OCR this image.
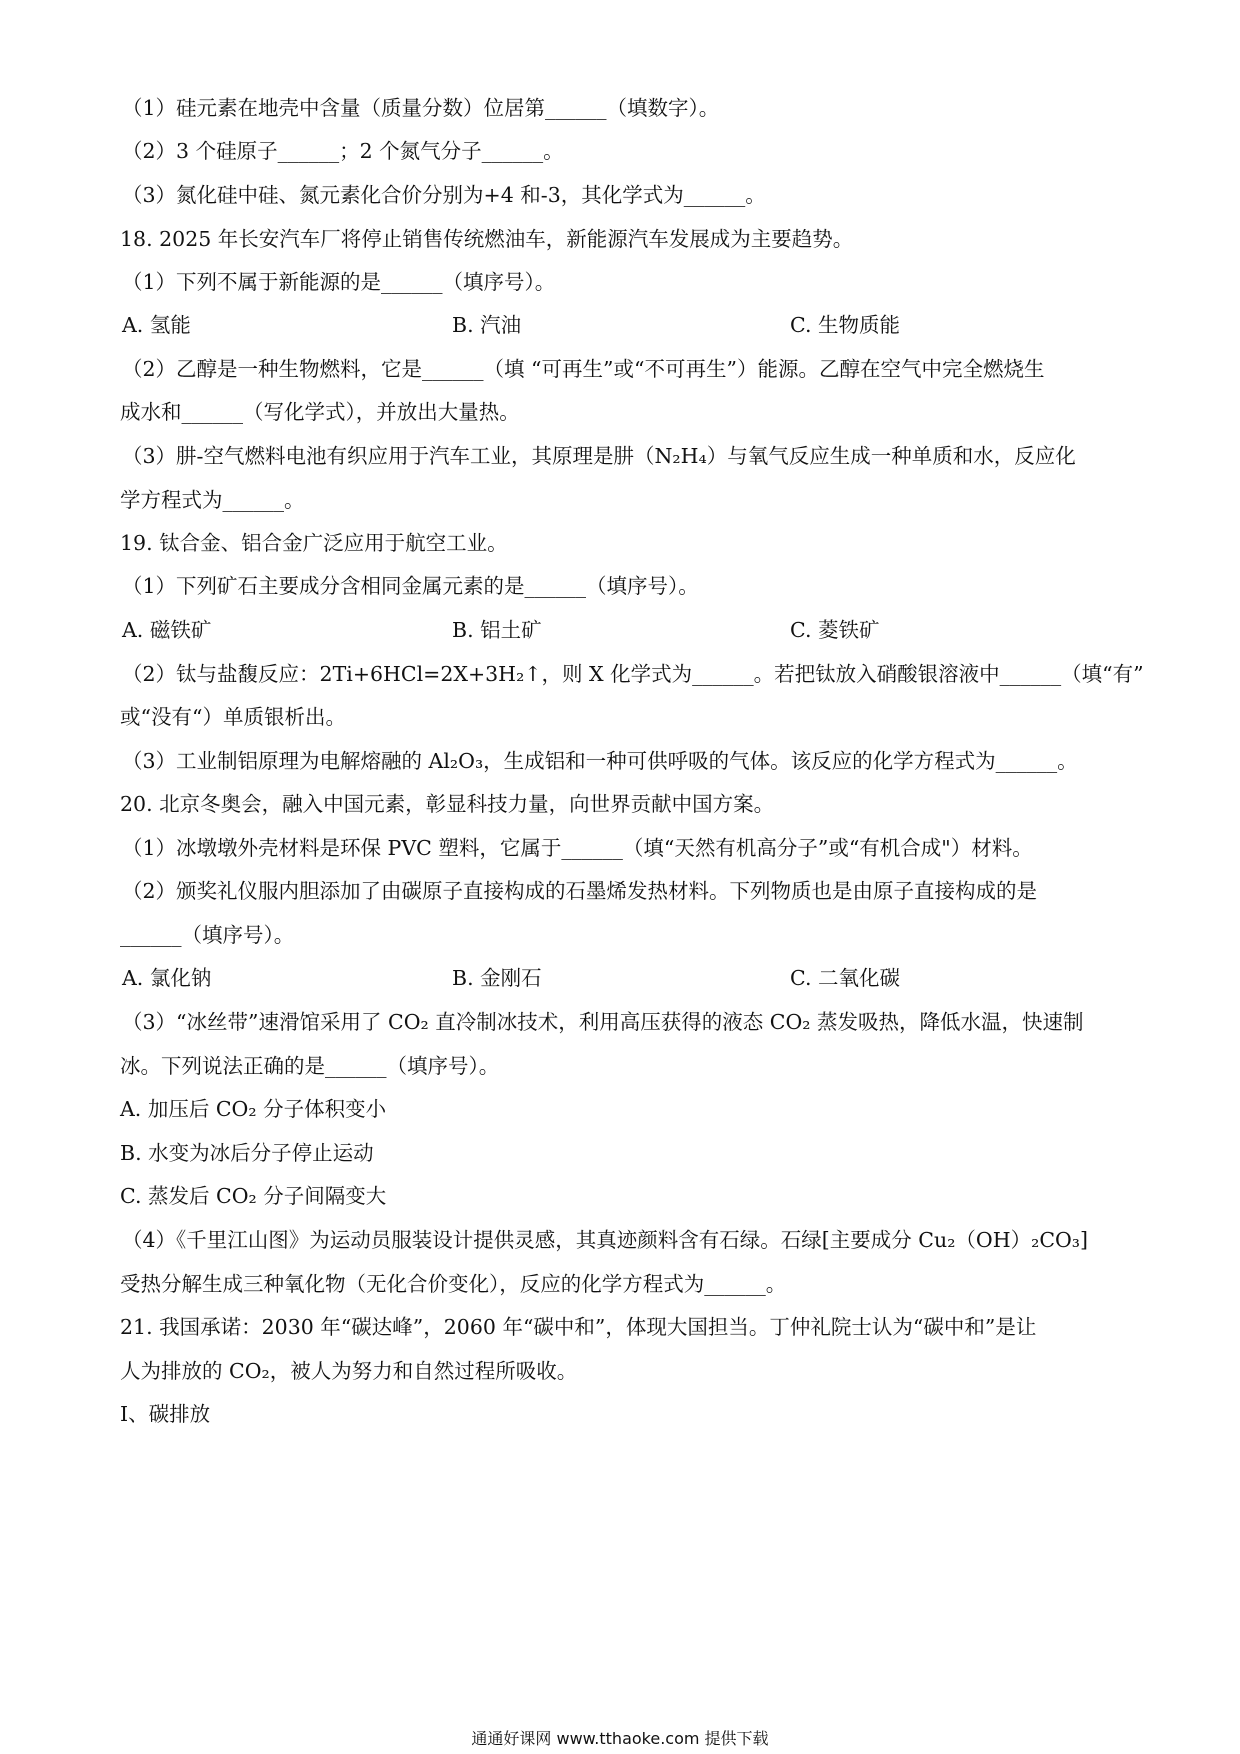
（1）硅元素在地壳中含量（质量分数）位居第______（填数字）。
（2）3 个硅原子______；2 个氮气分子______。
（3）氮化硅中硅、氮元素化合价分别为+4 和-3，其化学式为______。
18. 2025 年长安汽车厂将停止销售传统燃油车，新能源汽车发展成为主要趋势。
（1）下列不属于新能源的是______（填序号）。
A. 氢能	B. 汽油	C. 生物质能
（2）乙醇是一种生物燃料，它是______（填 “可再生”或“不可再生”）能源。乙醇在空气中完全燃烧生
成水和______（写化学式），并放出大量热。
（3）肼-空气燃料电池有织应用于汽车工业，其原理是肼（N₂H₄）与氧气反应生成一种单质和水，反应化
学方程式为______。
19. 钛合金、铝合金广泛应用于航空工业。
（1）下列矿石主要成分含相同金属元素的是______（填序号）。
A. 磁铁矿	B. 铝土矿	C. 菱铁矿
（2）钛与盐馥反应：2Ti+6HCl=2X+3H₂↑，则 X 化学式为______。若把钛放入硝酸银溶液中______（填“有”
或“没有“）单质银析出。
（3）工业制铝原理为电解熔融的 Al₂O₃，生成铝和一种可供呼吸的气体。该反应的化学方程式为______。
20. 北京冬奥会，融入中国元素，彰显科技力量，向世界贡献中国方案。
（1）冰墩墩外壳材料是环保 PVC 塑料，它属于______（填“天然有机高分子”或“有机合成"）材料。
（2）颁奖礼仪服内胆添加了由碳原子直接构成的石墨烯发热材料。下列物质也是由原子直接构成的是
______（填序号）。
A. 氯化钠	B. 金刚石	C. 二氧化碳
（3）“冰丝带”速滑馆采用了 CO₂ 直冷制冰技术，利用高压获得的液态 CO₂ 蒸发吸热，降低水温，快速制
冰。下列说法正确的是______（填序号）。
A. 加压后 CO₂ 分子体积变小
B. 水变为冰后分子停止运动
C. 蒸发后 CO₂ 分子间隔变大
（4）《千里江山图》为运动员服装设计提供灵感，其真迹颜料含有石绿。石绿[主要成分 Cu₂（OH）₂CO₃]
受热分解生成三种氧化物（无化合价变化），反应的化学方程式为______。
21. 我国承诺：2030 年“碳达峰”，2060 年“碳中和”，体现大国担当。丁仲礼院士认为“碳中和”是让
人为排放的 CO₂，被人为努力和自然过程所吸收。
Ⅰ、碳排放
通通好课网 www.tthaoke.com 提供下载
